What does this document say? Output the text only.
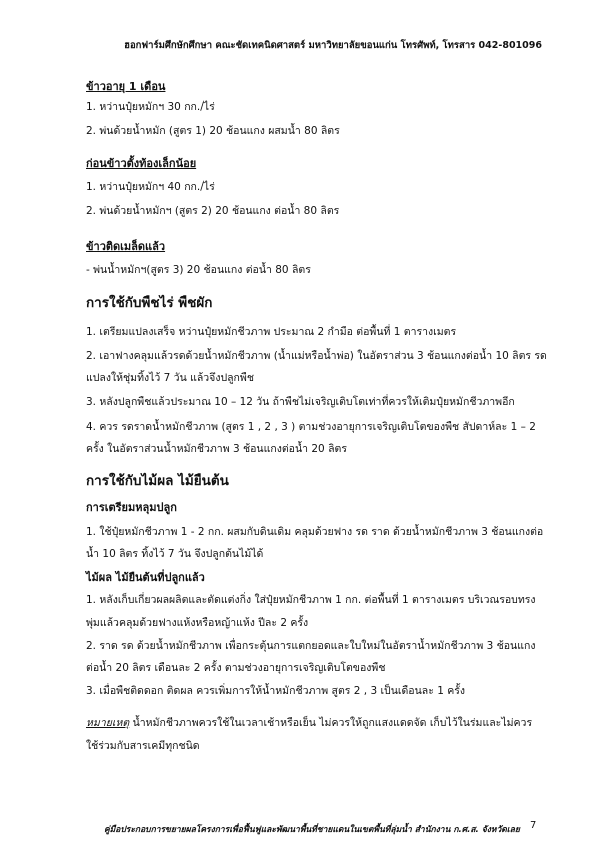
ฮอกฟาร์มศึกษักศึกษา คณะชัดเทคนิดศาสตร์ มหาวิทยาลัยขอนแก่น โทรศัพท์, โทรสาร 042-801096
ข้าวอายุ 1 เดือน
1. หว่านปุ๋ยหมักฯ 30 กก./ไร่
2. พ่นด้วยน้ำหมัก (สูตร 1) 20 ช้อนแกง ผสมน้ำ 80 ลิตร
ก่อนข้าวตั้งท้องเล็กน้อย
1. หว่านปุ๋ยหมักฯ 40 กก./ไร่
2. พ่นด้วยน้ำหมักฯ (สูตร 2) 20 ช้อนแกง ต่อน้ำ 80 ลิตร
ข้าวติดเมล็ดแล้ว
- พ่นน้ำหมักฯ(สูตร 3) 20 ช้อนแกง ต่อน้ำ 80 ลิตร
การใช้กับพืชไร่ พืชผัก
1. เตรียมแปลงเสร็จ หว่านปุ๋ยหมักชีวภาพ ประมาณ 2 กำมือ ต่อพื้นที่ 1 ตารางเมตร
2. เอาฟางคลุมแล้วรดด้วยน้ำหมักชีวภาพ (น้ำแม่หรือน้ำพ่อ) ในอัตราส่วน 3 ช้อนแกงต่อน้ำ 10 ลิตร รด
แปลงให้ชุ่มทิ้งไว้ 7 วัน แล้วจึงปลูกพืช
3. หลังปลูกพืชแล้วประมาณ 10 – 12 วัน ถ้าพืชไม่เจริญเติบโตเท่าที่ควรให้เติมปุ๋ยหมักชีวภาพอีก
4. ควร รดราดน้ำหมักชีวภาพ (สูตร 1 , 2 , 3 ) ตามช่วงอายุการเจริญเติบโตของพืช สัปดาห์ละ 1 – 2
ครั้ง ในอัตราส่วนน้ำหมักชีวภาพ 3 ช้อนแกงต่อน้ำ 20 ลิตร
การใช้กับไม้ผล ไม้ยืนต้น
การเตรียมหลุมปลูก
1. ใช้ปุ๋ยหมักชีวภาพ 1 - 2 กก. ผสมกับดินเดิม คลุมด้วยฟาง รด ราด ด้วยน้ำหมักชีวภาพ 3 ช้อนแกงต่อ
น้ำ 10 ลิตร ทิ้งไว้ 7 วัน จึงปลูกต้นไม้ได้
ไม้ผล ไม้ยืนต้นที่ปลูกแล้ว
1. หลังเก็บเกี่ยวผลผลิตและตัดแต่งกิ่ง ใส่ปุ๋ยหมักชีวภาพ 1 กก. ต่อพื้นที่ 1 ตารางเมตร บริเวณรอบทรง
พุ่มแล้วคลุมด้วยฟางแห้งหรือหญ้าแห้ง ปีละ 2 ครั้ง
2. ราด รด ด้วยน้ำหมักชีวภาพ เพื่อกระตุ้นการแตกยอดและใบใหม่ในอัตราน้ำหมักชีวภาพ 3 ช้อนแกง
ต่อน้ำ 20 ลิตร เดือนละ 2 ครั้ง ตามช่วงอายุการเจริญเติบโตของพืช
3. เมื่อพืชติดดอก ติดผล ควรเพิ่มการให้น้ำหมักชีวภาพ สูตร 2 , 3 เป็นเดือนละ 1 ครั้ง
หมายเหตุ น้ำหมักชีวภาพควรใช้ในเวลาเช้าหรือเย็น ไม่ควรให้ถูกแสงแดดจัด เก็บไว้ในร่มและไม่ควร
ใช้ร่วมกับสารเคมีทุกชนิด
คู่มือประกอบการขยายผลโครงการเพื่อฟื้นฟูและพัฒนาพื้นที่ชายแดนในเขตพื้นที่ลุ่มน้ำ สำนักงาน ก.ศ.ส. จังหวัดเลย	7
